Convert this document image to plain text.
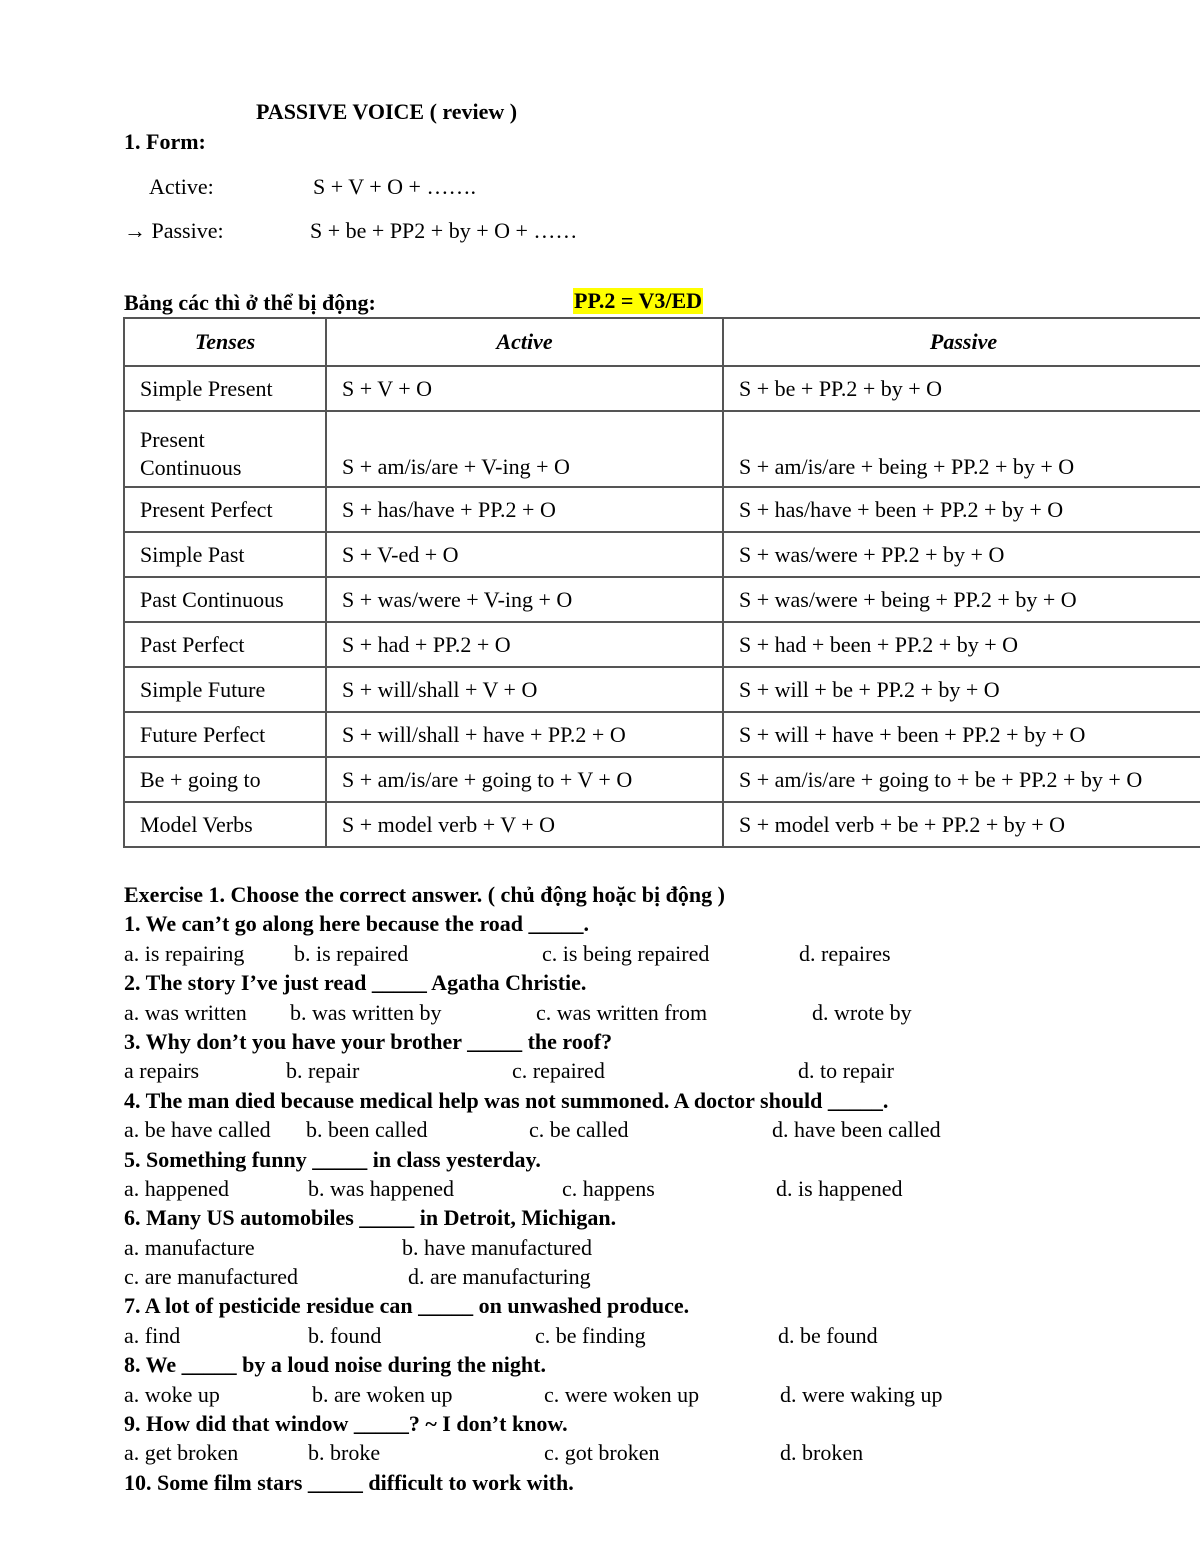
PASSIVE VOICE ( review )
1. Form:
Active:	S + V + O + …….
→ Passive:	S + be + PP2 + by + O + ……
Bảng các thì ở thể bị động:	PP.2 = V3/ED
Tenses	Active	Passive
Simple Present	S + V + O	S + be + PP.2 + by + O
Present Continuous	S + am/is/are + V-ing + O	S + am/is/are + being + PP.2 + by + O
Present Perfect	S + has/have + PP.2 + O	S + has/have + been + PP.2 + by + O
Simple Past	S + V-ed + O	S + was/were + PP.2 + by + O
Past Continuous	S + was/were + V-ing + O	S + was/were + being + PP.2 + by + O
Past Perfect	S + had + PP.2 + O	S + had + been + PP.2 + by + O
Simple Future	S + will/shall + V + O	S + will + be + PP.2 + by + O
Future Perfect	S + will/shall + have + PP.2 + O	S + will + have + been + PP.2 + by + O
Be + going to	S + am/is/are + going to + V + O	S + am/is/are + going to + be + PP.2 + by + O
Model Verbs	S + model verb + V + O	S + model verb + be + PP.2 + by + O
Exercise 1. Choose the correct answer. ( chủ động hoặc bị động )
1. We can’t go along here because the road _____.
a. is repairing b. is repaired	c. is being repaired	d. repaires
2. The story I’ve just read _____ Agatha Christie.
a. was written b. was written by	c. was written from	d. wrote by
3. Why don’t you have your brother _____ the roof?
a repairs	b. repair	c. repaired	d. to repair
4. The man died because medical help was not summoned. A doctor should _____.
a. be have called b. been called	c. be called	d. have been called
5. Something funny _____ in class yesterday.
a. happened	b. was happened	c. happens	d. is happened
6. Many US automobiles _____ in Detroit, Michigan.
a. manufacture	b. have manufactured
c. are manufactured	d. are manufacturing
7. A lot of pesticide residue can _____ on unwashed produce.
a. find	b. found	c. be finding	d. be found
8. We _____ by a loud noise during the night.
a. woke up	b. are woken up	c. were woken up	d. were waking up
9. How did that window _____? ~ I don’t know.
a. get broken	b. broke	c. got broken	d. broken
10. Some film stars _____ difficult to work with.
